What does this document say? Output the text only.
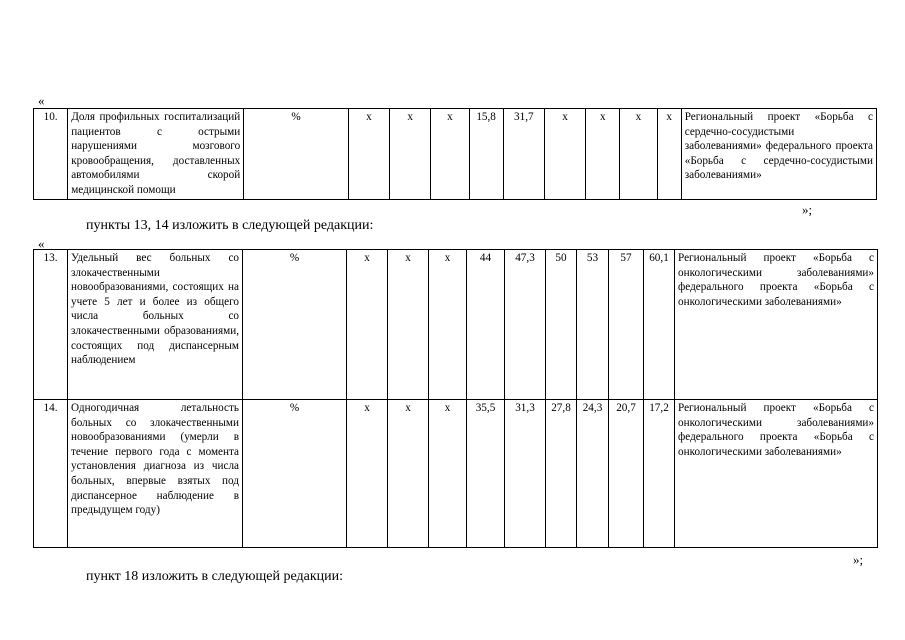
«
10.	Доля профильных госпитализаций пациентов с острыми нарушениями мозгового кровообращения, доставленных автомобилями скорой медицинской помощи	%	х	х	х	15,8	31,7	х	х	х	х	Региональный проект «Борьба с сердечно-сосудистыми заболеваниями» федерального проекта «Борьба с сердечно-сосудистыми заболеваниями»
»;
пункты 13, 14 изложить в следующей редакции:
«
13.	Удельный вес больных со злокачественными новообразованиями, состоящих на учете 5 лет и более из общего числа больных со злокачественными образованиями, состоящих под диспансерным наблюдением	%	х	х	х	44	47,3	50	53	57	60,1	Региональный проект «Борьба с онкологическими заболеваниями» федерального проекта «Борьба с онкологическими заболеваниями»
14.	Одногодичная летальность больных со злокачественными новообразованиями (умерли в течение первого года с момента установления диагноза из числа больных, впервые взятых под диспансерное наблюдение в предыдущем году)	%	х	х	х	35,5	31,3	27,8	24,3	20,7	17,2	Региональный проект «Борьба с онкологическими заболеваниями» федерального проекта «Борьба с онкологическими заболеваниями»
»;
пункт 18 изложить в следующей редакции:
